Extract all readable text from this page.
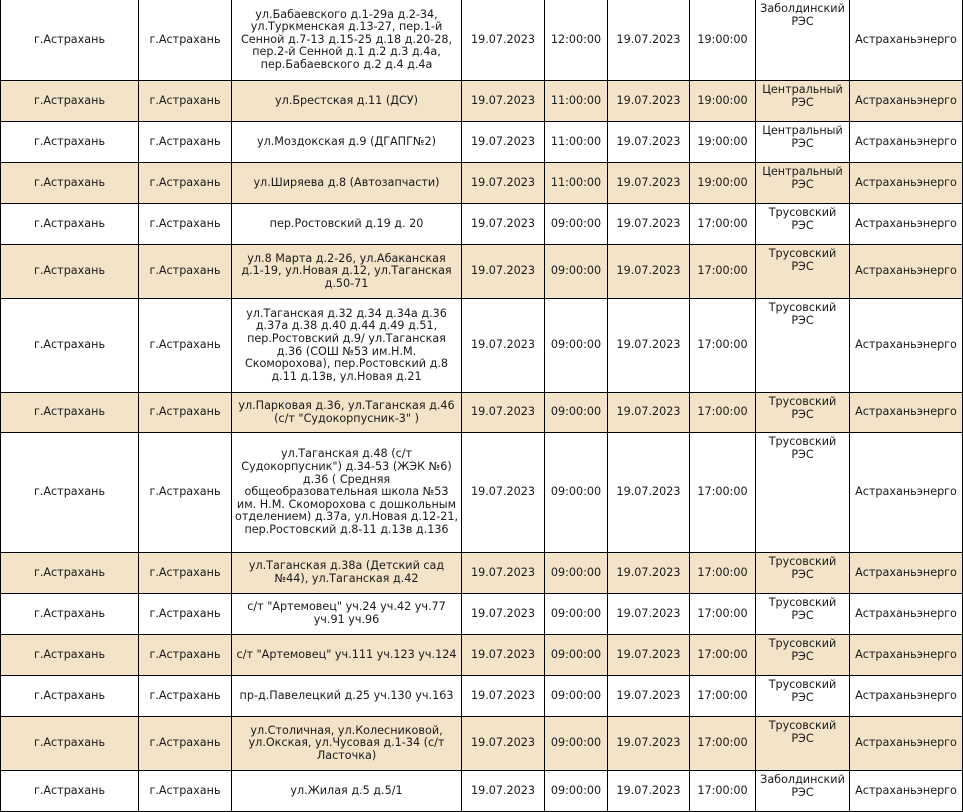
г.Астрахань	г.Астрахань	ул.Бабаевского д.1-29а д.2-34, ул.Туркменская д.13-27, пер.1-й Сенной д.7-13 д.15-25 д.18 д.20-28, пер.2-й Сенной д.1 д.2 д.3 д.4а, пер.Бабаевского д.2 д.4 д.4а	19.07.2023	12:00:00	19.07.2023	19:00:00	Заболдинский РЭС	Астраханьэнерго
г.Астрахань	г.Астрахань	ул.Брестская д.11 (ДСУ)	19.07.2023	11:00:00	19.07.2023	19:00:00	Центральный РЭС	Астраханьэнерго
г.Астрахань	г.Астрахань	ул.Моздокская д.9 (ДГАПГ№2)	19.07.2023	11:00:00	19.07.2023	19:00:00	Центральный РЭС	Астраханьэнерго
г.Астрахань	г.Астрахань	ул.Ширяева д.8 (Автозапчасти)	19.07.2023	11:00:00	19.07.2023	19:00:00	Центральный РЭС	Астраханьэнерго
г.Астрахань	г.Астрахань	пер.Ростовский д.19 д. 20	19.07.2023	09:00:00	19.07.2023	17:00:00	Трусовский РЭС	Астраханьэнерго
г.Астрахань	г.Астрахань	ул.8 Марта д.2-26, ул.Абаканская д.1-19, ул.Новая д.12, ул.Таганская д.50-71	19.07.2023	09:00:00	19.07.2023	17:00:00	Трусовский РЭС	Астраханьэнерго
г.Астрахань	г.Астрахань	ул.Таганская д.32 д.34 д.34а д.36 д.37а д.38 д.40 д.44 д.49 д.51, пер.Ростовский д.9/ ул.Таганская д.36 (СОШ №53 им.Н.М. Скоморохова), пер.Ростовский д.8 д.11 д.13в, ул.Новая д.21	19.07.2023	09:00:00	19.07.2023	17:00:00	Трусовский РЭС	Астраханьэнерго
г.Астрахань	г.Астрахань	ул.Парковая д.36, ул.Таганская д.46 (с/т "Судокорпусник-3" )	19.07.2023	09:00:00	19.07.2023	17:00:00	Трусовский РЭС	Астраханьэнерго
г.Астрахань	г.Астрахань	ул.Таганская д.48 (с/т Судокорпусник") д.34-53 (ЖЭК №6) д.36 ( Средняя общеобразовательная школа №53 им. Н.М. Скоморохова с дошкольным отделением) д.37а, ул.Новая д.12-21, пер.Ростовский д.8-11 д.13в д.136	19.07.2023	09:00:00	19.07.2023	17:00:00	Трусовский РЭС	Астраханьэнерго
г.Астрахань	г.Астрахань	ул.Таганская д.38а (Детский сад №44), ул.Таганская д.42	19.07.2023	09:00:00	19.07.2023	17:00:00	Трусовский РЭС	Астраханьэнерго
г.Астрахань	г.Астрахань	с/т "Артемовец" уч.24 уч.42 уч.77 уч.91 уч.96	19.07.2023	09:00:00	19.07.2023	17:00:00	Трусовский РЭС	Астраханьэнерго
г.Астрахань	г.Астрахань	с/т "Артемовец" уч.111 уч.123 уч.124	19.07.2023	09:00:00	19.07.2023	17:00:00	Трусовский РЭС	Астраханьэнерго
г.Астрахань	г.Астрахань	пр-д.Павелецкий д.25 уч.130 уч.163	19.07.2023	09:00:00	19.07.2023	17:00:00	Трусовский РЭС	Астраханьэнерго
г.Астрахань	г.Астрахань	ул.Столичная, ул.Колесниковой, ул.Окская, ул.Чусовая д.1-34 (с/т Ласточка)	19.07.2023	09:00:00	19.07.2023	17:00:00	Трусовский РЭС	Астраханьэнерго
г.Астрахань	г.Астрахань	ул.Жилая д.5 д.5/1	19.07.2023	09:00:00	19.07.2023	17:00:00	Заболдинский РЭС	Астраханьэнерго
